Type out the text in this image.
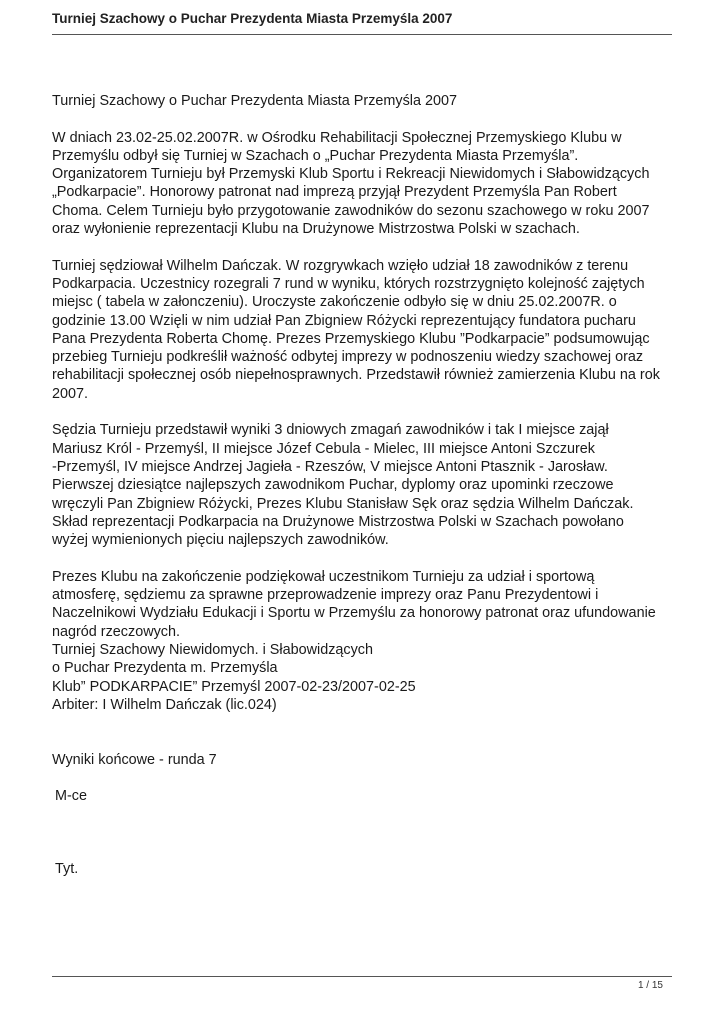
Turniej Szachowy o Puchar Prezydenta Miasta Przemyśla 2007

Turniej Szachowy o Puchar Prezydenta Miasta Przemyśla 2007

W dniach 23.02-25.02.2007R. w Ośrodku Rehabilitacji Społecznej Przemyskiego Klubu w
Przemyślu odbył się Turniej w Szachach o „Puchar Prezydenta Miasta Przemyśla”.
Organizatorem Turnieju był Przemyski Klub Sportu i Rekreacji Niewidomych i Słabowidzących
„Podkarpacie”. Honorowy patronat nad imprezą przyjął Prezydent Przemyśla Pan Robert
Choma. Celem Turnieju było przygotowanie zawodników do sezonu szachowego w roku 2007
oraz wyłonienie reprezentacji Klubu na Drużynowe Mistrzostwa Polski w szachach.

Turniej sędziował Wilhelm Dańczak. W rozgrywkach wzięło udział 18 zawodników z terenu
Podkarpacia. Uczestnicy rozegrali 7 rund w wyniku, których rozstrzygnięto kolejność zajętych
miejsc ( tabela w załonczeniu). Uroczyste zakończenie odbyło się w dniu 25.02.2007R. o
godzinie 13.00 Wzięli w nim udział Pan Zbigniew Różycki reprezentujący fundatora pucharu
Pana Prezydenta Roberta Chomę. Prezes Przemyskiego Klubu ”Podkarpacie” podsumowując
przebieg Turnieju podkreślił ważność odbytej imprezy w podnoszeniu wiedzy szachowej oraz
rehabilitacji społecznej osób niepełnosprawnych. Przedstawił również zamierzenia Klubu na rok
2007.

Sędzia Turnieju przedstawił wyniki 3 dniowych zmagań zawodników i tak I miejsce zajął
Mariusz Król - Przemyśl, II miejsce Józef Cebula - Mielec, III miejsce Antoni Szczurek
-Przemyśl, IV miejsce Andrzej Jagieła - Rzeszów, V miejsce Antoni Ptasznik - Jarosław.
Pierwszej dziesiątce najlepszych zawodnikom Puchar, dyplomy oraz upominki rzeczowe
wręczyli Pan Zbigniew Różycki, Prezes Klubu Stanisław Sęk oraz sędzia Wilhelm Dańczak.
Skład reprezentacji Podkarpacia na Drużynowe Mistrzostwa Polski w Szachach powołano
wyżej wymienionych pięciu najlepszych zawodników.

Prezes Klubu na zakończenie podziękował uczestnikom Turnieju za udział i sportową
atmosferę, sędziemu za sprawne przeprowadzenie imprezy oraz Panu Prezydentowi i
Naczelnikowi Wydziału Edukacji i Sportu w Przemyślu za honorowy patronat oraz ufundowanie
nagród rzeczowych.
Turniej Szachowy Niewidomych. i Słabowidzących
o Puchar Prezydenta m. Przemyśla
Klub” PODKARPACIE” Przemyśl 2007-02-23/2007-02-25
Arbiter: I Wilhelm Dańczak (lic.024)

Wyniki końcowe - runda 7

M-ce

Tyt.

1 / 15
